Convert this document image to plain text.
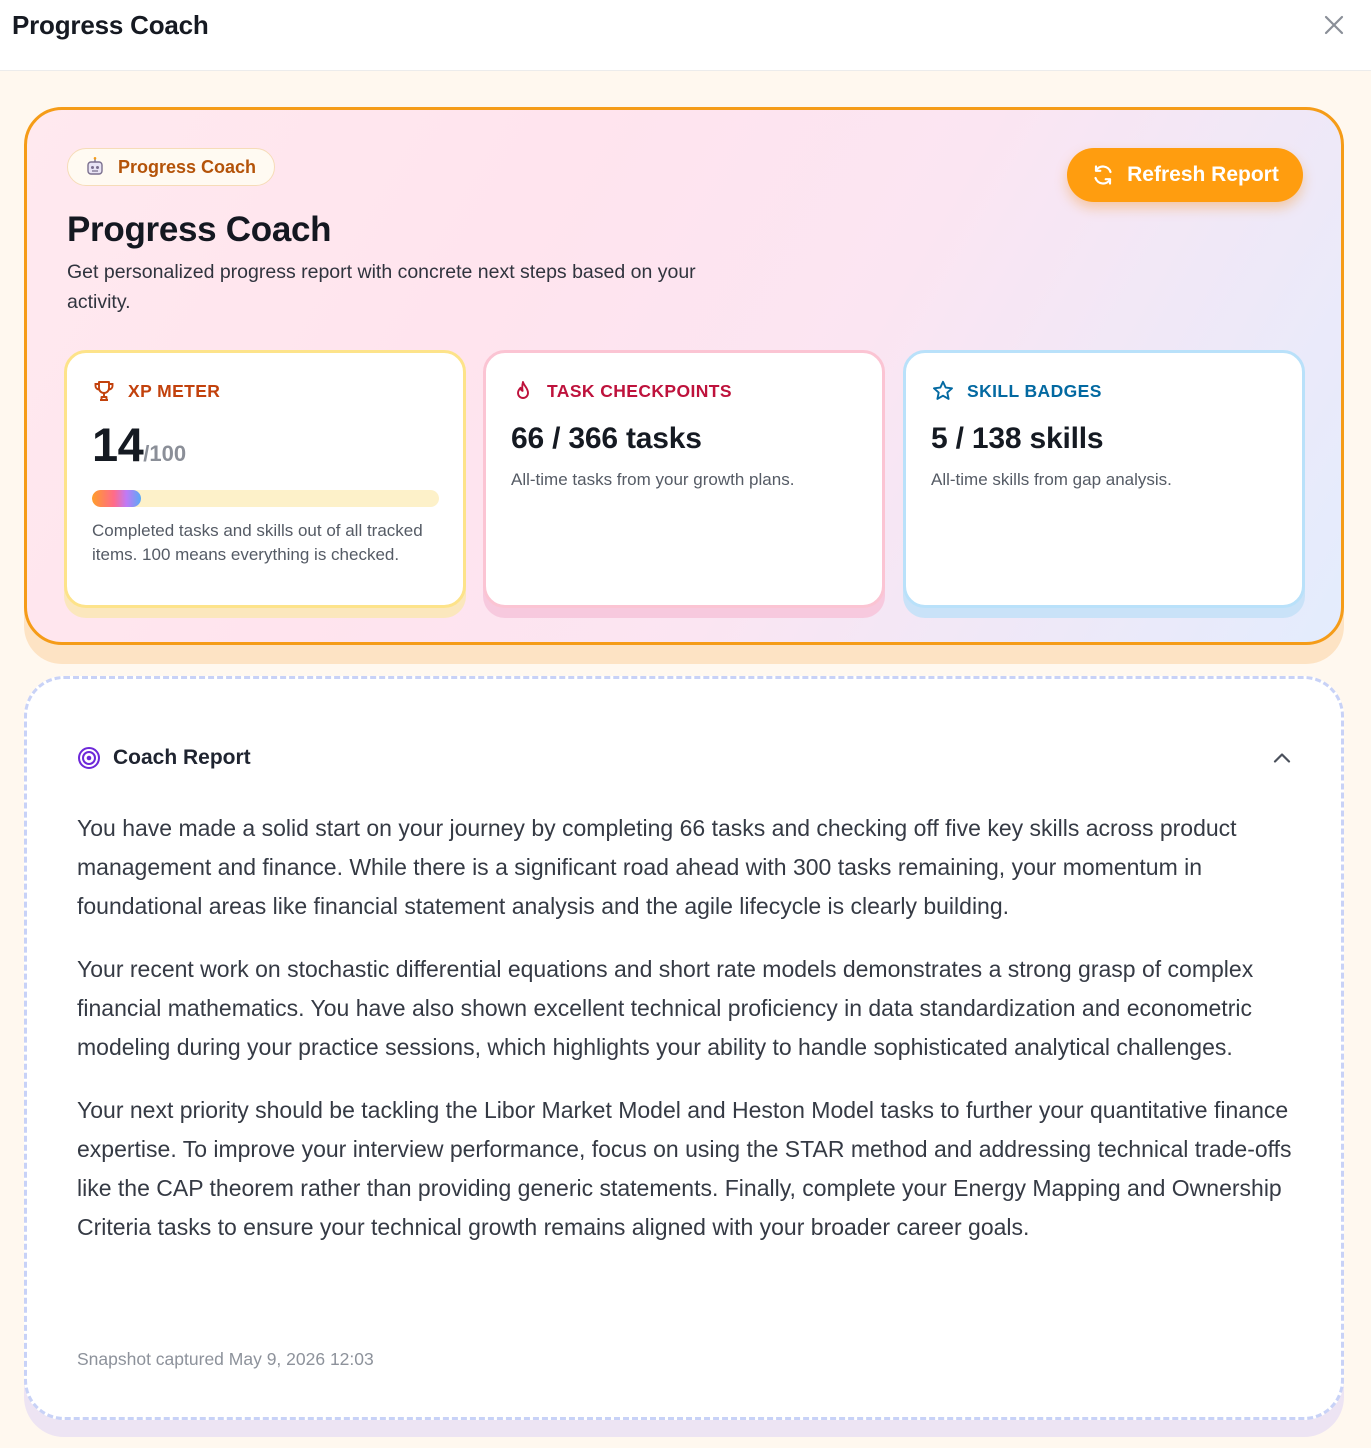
Progress Coach
Progress Coach	Refresh Report
Progress Coach
Get personalized progress report with concrete next steps based on your activity.
XP METER
14/100
Completed tasks and skills out of all tracked items. 100 means everything is checked.
TASK CHECKPOINTS
66 / 366 tasks
All-time tasks from your growth plans.
SKILL BADGES
5 / 138 skills
All-time skills from gap analysis.
Coach Report

You have made a solid start on your journey by completing 66 tasks and checking off five key skills across product management and finance. While there is a significant road ahead with 300 tasks remaining, your momentum in foundational areas like financial statement analysis and the agile lifecycle is clearly building.

Your recent work on stochastic differential equations and short rate models demonstrates a strong grasp of complex financial mathematics. You have also shown excellent technical proficiency in data standardization and econometric modeling during your practice sessions, which highlights your ability to handle sophisticated analytical challenges.

Your next priority should be tackling the Libor Market Model and Heston Model tasks to further your quantitative finance expertise. To improve your interview performance, focus on using the STAR method and addressing technical trade-offs like the CAP theorem rather than providing generic statements. Finally, complete your Energy Mapping and Ownership Criteria tasks to ensure your technical growth remains aligned with your broader career goals.

Snapshot captured May 9, 2026 12:03
